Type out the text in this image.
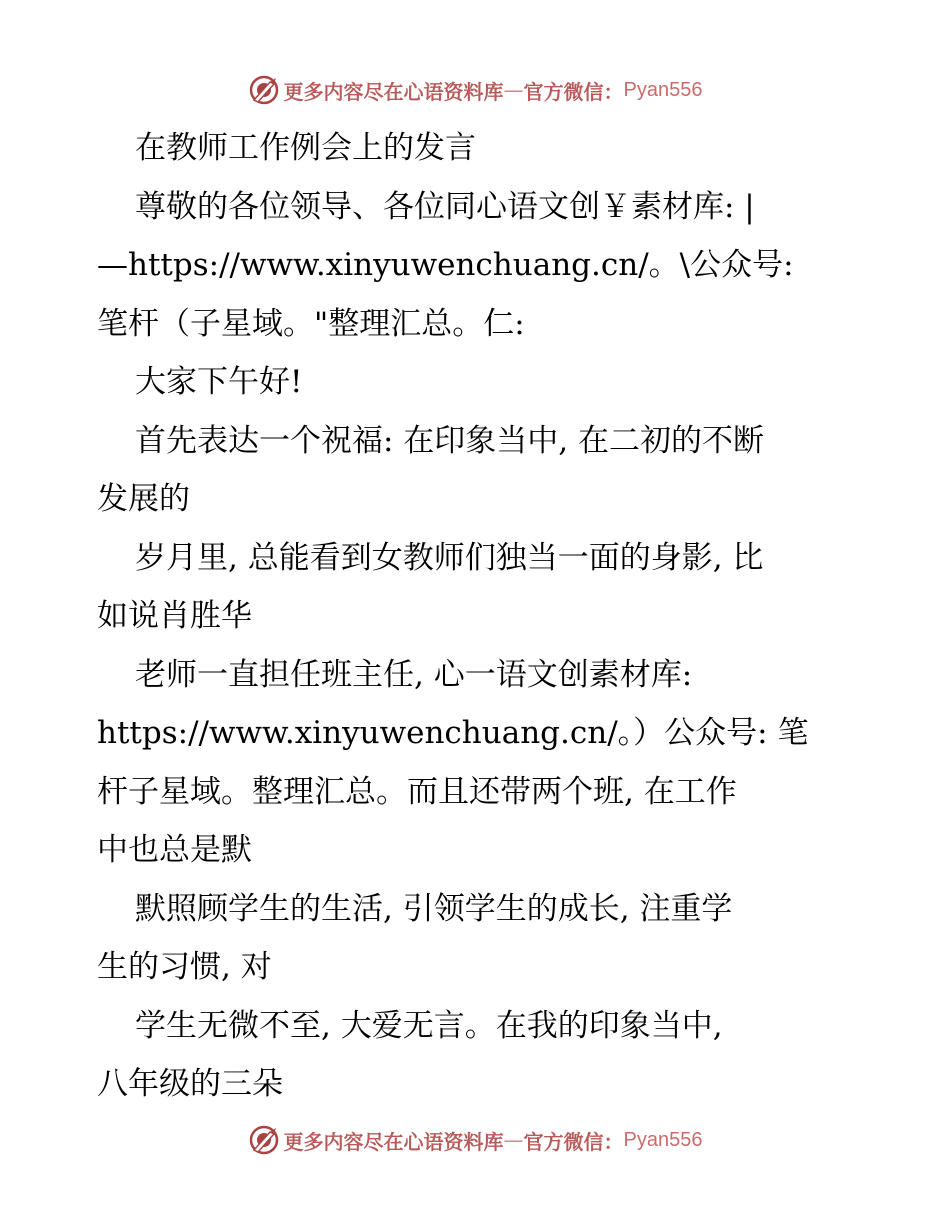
更多内容尽在心语资料库 — 官方微信： Pyan556
在教师工作例会上的发言
尊敬的各位领导、各位同心语文创￥素材库: |
—https://www.xinyuwenchuang.cn/。\公众号:
笔杆（子星域。"整理汇总。仁:
大家下午好!
首先表达一个祝福: 在印象当中, 在二初的不断
发展的
岁月里, 总能看到女教师们独当一面的身影, 比
如说肖胜华
老师一直担任班主任, 心一语文创素材库:
https://www.xinyuwenchuang.cn/。）公众号: 笔
杆子星域。整理汇总。而且还带两个班, 在工作
中也总是默
默照顾学生的生活, 引领学生的成长, 注重学
生的习惯, 对
学生无微不至, 大爱无言。在我的印象当中,
八年级的三朵
更多内容尽在心语资料库 — 官方微信： Pyan556
